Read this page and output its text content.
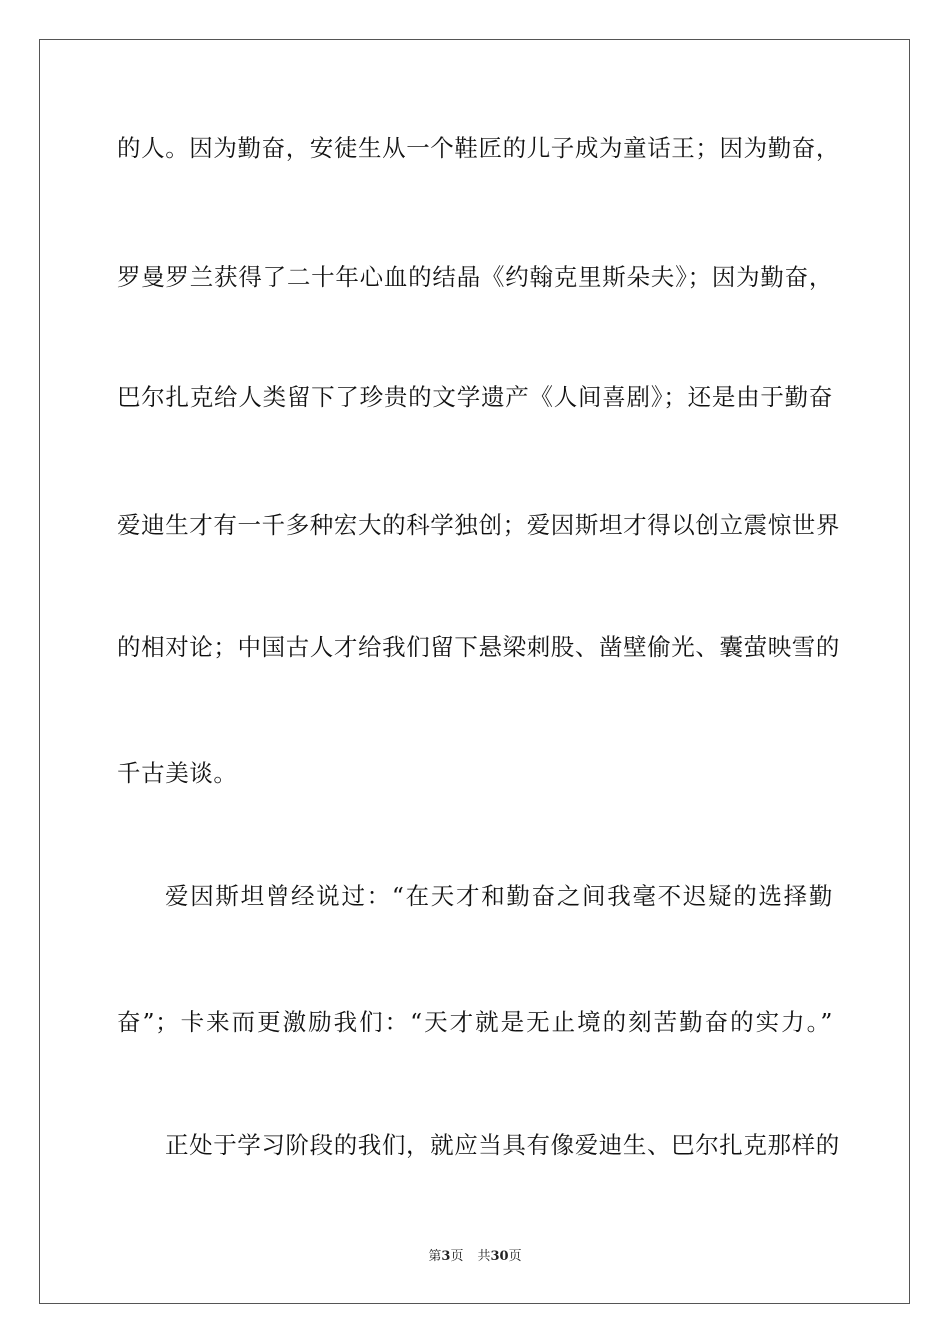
的人。因为勤奋，安徒生从一个鞋匠的儿子成为童话王；因为勤奋，
罗曼罗兰获得了二十年心血的结晶《约翰克里斯朵夫》；因为勤奋，
巴尔扎克给人类留下了珍贵的文学遗产《人间喜剧》；还是由于勤奋
爱迪生才有一千多种宏大的科学独创；爱因斯坦才得以创立震惊世界
的相对论；中国古人才给我们留下悬梁刺股、凿壁偷光、囊萤映雪的
千古美谈。
爱因斯坦曾经说过：“在天才和勤奋之间我毫不迟疑的选择勤
奋”；卡来而更激励我们：“天才就是无止境的刻苦勤奋的实力。”
正处于学习阶段的我们，就应当具有像爱迪生、巴尔扎克那样的
第3页 共30页
